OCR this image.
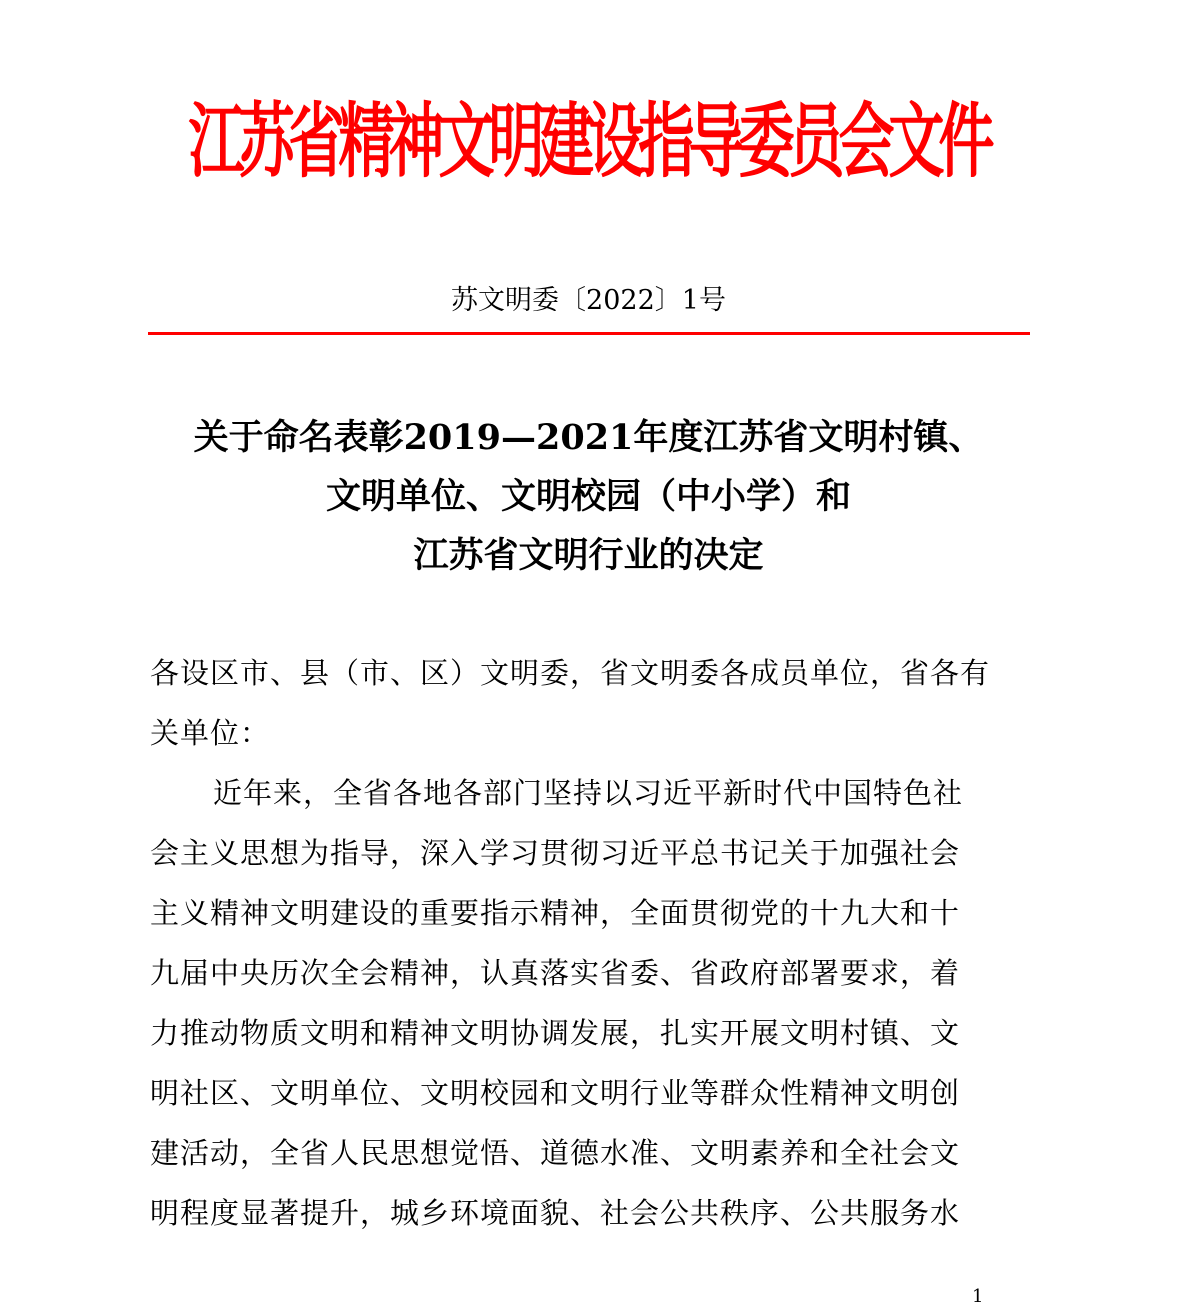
江苏省精神文明建设指导委员会文件
苏文明委〔2022〕1号
关于命名表彰2019—2021年度江苏省文明村镇、
文明单位、文明校园（中小学）和
江苏省文明行业的决定
各设区市、县（市、区）文明委，省文明委各成员单位，省各有
关单位：
近年来，全省各地各部门坚持以习近平新时代中国特色社
会主义思想为指导，深入学习贯彻习近平总书记关于加强社会
主义精神文明建设的重要指示精神，全面贯彻党的十九大和十
九届中央历次全会精神，认真落实省委、省政府部署要求，着
力推动物质文明和精神文明协调发展，扎实开展文明村镇、文
明社区、文明单位、文明校园和文明行业等群众性精神文明创
建活动，全省人民思想觉悟、道德水准、文明素养和全社会文
明程度显著提升，城乡环境面貌、社会公共秩序、公共服务水
1
